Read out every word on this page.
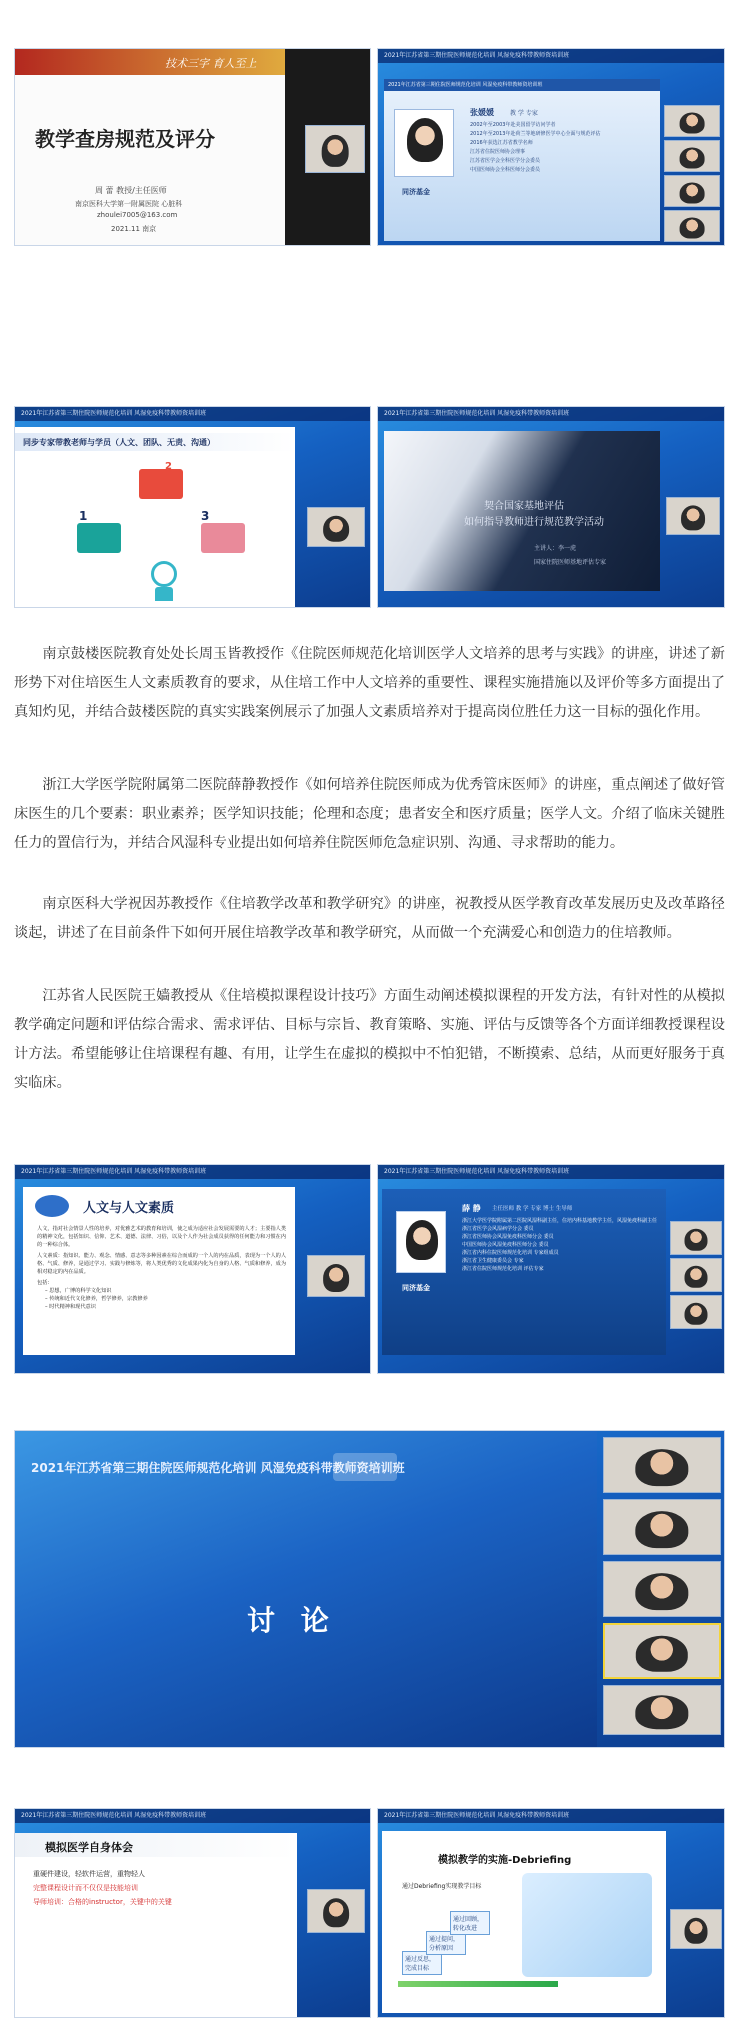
技术三字 育人至上
教学查房规范及评分
周 蕾 教授/主任医师
南京医科大学第一附属医院 心脏科
zhoulei7005@163.com
2021.11 南京
2021年江苏省第三期住院医师规范化培训 风湿免疫科带教师资培训班
2021年江苏省第三期住院医师规范化培训 风湿免疫科带教师资培训班
张媛媛	教 学 专家
2002年至2003年赴美国留学访问学者
2012年至2013年赴荷兰等地研修医学中心全面与规范评估
2016年获选江苏省教学名师
江苏省住院医师协会理事
江苏省医学会全科医学分会委员
中国医师协会全科医师分会委员
同济基金
2021年江苏省第三期住院医师规范化培训 风湿免疫科带教师资培训班
同步专家带教老师与学员（人文、团队、无责、沟通）
2
1	3
2021年江苏省第三期住院医师规范化培训 风湿免疫科带教师资培训班
契合国家基地评估
如何指导教师进行规范教学活动
主讲人：李一虎
国家住院医师基地评估专家

南京鼓楼医院教育处处长周玉皆教授作《住院医师规范化培训医学人文培养的思考与实践》的讲座，讲述了新形势下对住培医生人文素质教育的要求，从住培工作中人文培养的重要性、课程实施措施以及评价等多方面提出了真知灼见，并结合鼓楼医院的真实实践案例展示了加强人文素质培养对于提高岗位胜任力这一目标的强化作用。

浙江大学医学院附属第二医院薛静教授作《如何培养住院医师成为优秀管床医师》的讲座，重点阐述了做好管床医生的几个要素：职业素养；医学知识技能；伦理和态度；患者安全和医疗质量；医学人文。介绍了临床关键胜任力的置信行为，并结合风湿科专业提出如何培养住院医师危急症识别、沟通、寻求帮助的能力。

南京医科大学祝因苏教授作《住培教学改革和教学研究》的讲座，祝教授从医学教育改革发展历史及改革路径谈起，讲述了在目前条件下如何开展住培教学改革和教学研究，从而做一个充满爱心和创造力的住培教师。

江苏省人民医院王嫱教授从《住培模拟课程设计技巧》方面生动阐述模拟课程的开发方法，有针对性的从模拟教学确定问题和评估综合需求、需求评估、目标与宗旨、教育策略、实施、评估与反馈等各个方面详细教授课程设计方法。希望能够让住培课程有趣、有用，让学生在虚拟的模拟中不怕犯错，不断摸索、总结，从而更好服务于真实临床。

2021年江苏省第三期住院医师规范化培训 风湿免疫科带教师资培训班
人文与人文素质
人文，指对社会情景人性的培养，对优雅艺术的教育和培训，使之成为适应社会发展需要的人才；主要指人类的精神文化，包括知识、信仰、艺术、道德、法律、习俗，以及个人作为社会成员获得的任何能力和习惯在内的一种综合体。
人文素质：指知识、能力、观念、情感、意志等多种因素在综合而成的一个人的内在品质，表现为一个人的人格、气质、修养，是通过学习、实践与修炼等，将人类优秀的文化成果内化为自身的人格、气质和修养，成为相对稳定的内在品质。
包括：
– 思想，广博的科学文化知识
– 传统和近代文化修养，哲学修养，宗教修养
– 时代精神和现代意识
2021年江苏省第三期住院医师规范化培训 风湿免疫科带教师资培训班
薛 静 主任医师 教 学 专家 博士 生导师
浙江大学医学院附属第二医院风湿科副主任，住培内科基地教学主任，风湿免疫科副主任
浙江省医学会风湿病学分会 委员
浙江省医师协会风湿免疫科医师分会 委员
中国医师协会风湿免疫科医师分会 委员
浙江省内科住院医师规范化培训 专家组成员
浙江省卫生健康委员会 专家
浙江省住院医师规范化培训 评估专家
同济基金
2021年江苏省第三期住院医师规范化培训 风湿免疫科带教师资培训班
讨 论
2021年江苏省第三期住院医师规范化培训 风湿免疫科带教师资培训班
模拟医学自身体会
重硬件建设，轻软件运营，重物轻人
完整课程设计而不仅仅是技能培训
导师培训：合格的instructor，关键中的关键
2021年江苏省第三期住院医师规范化培训 风湿免疫科带教师资培训班
模拟教学的实施-Debriefing
通过Debriefing实现教学目标
通过反思，完成目标
通过提问，分析原因
通过回顾，转化改进
